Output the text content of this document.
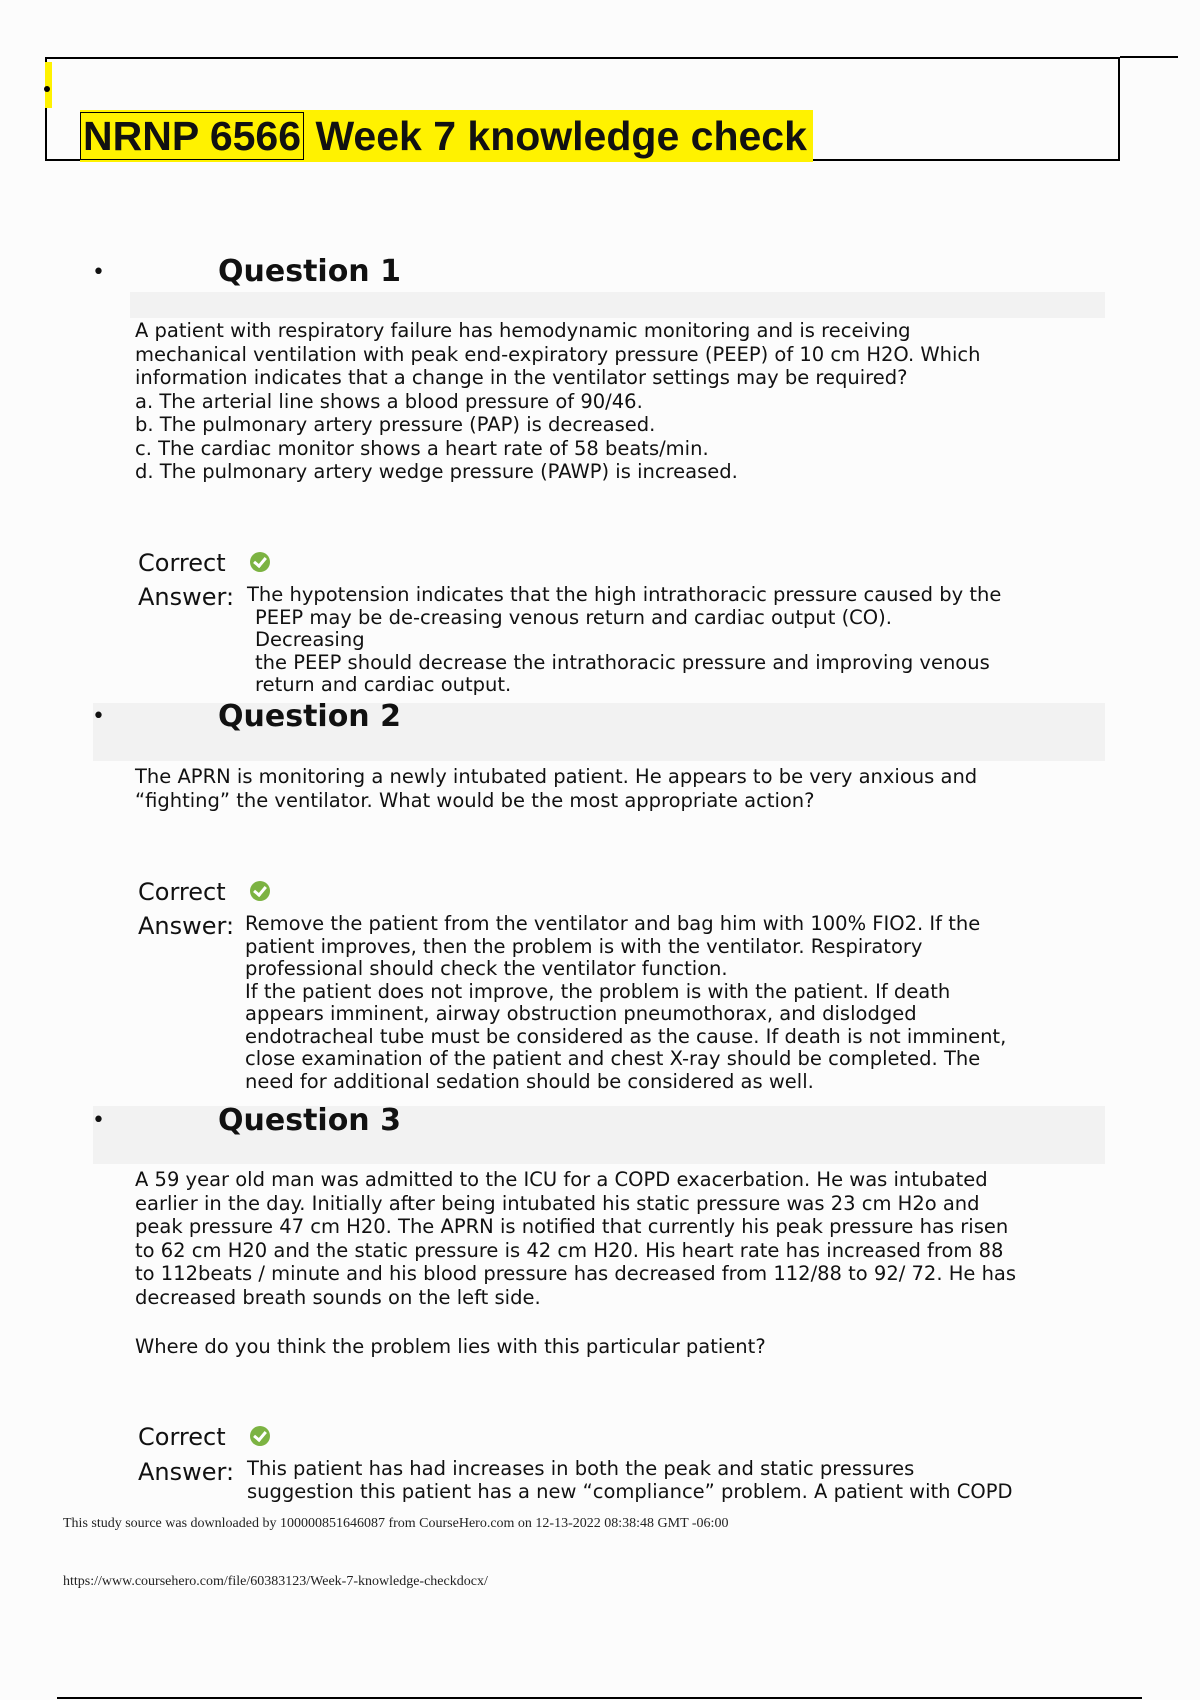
NRNP 6566 Week 7 knowledge check
•	Question 1

A patient with respiratory failure has hemodynamic monitoring and is receiving

mechanical ventilation with peak end-expiratory pressure (PEEP) of 10 cm H2O. Which

information indicates that a change in the ventilator settings may be required?

a. The arterial line shows a blood pressure of 90/46.

b. The pulmonary artery pressure (PAP) is decreased.

c. The cardiac monitor shows a heart rate of 58 beats/min.

d. The pulmonary artery wedge pressure (PAWP) is increased.

Correct
Answer: The hypotension indicates that the high intrathoracic pressure caused by the

PEEP may be de-creasing venous return and cardiac output (CO).

Decreasing

the PEEP should decrease the intrathoracic pressure and improving venous

return and cardiac output.

•	Question 2

The APRN is monitoring a newly intubated patient. He appears to be very anxious and

“fighting” the ventilator. What would be the most appropriate action?

Correct
Answer: Remove the patient from the ventilator and bag him with 100% FIO2. If the

patient improves, then the problem is with the ventilator. Respiratory

professional should check the ventilator function.

If the patient does not improve, the problem is with the patient. If death

appears imminent, airway obstruction pneumothorax, and dislodged

endotracheal tube must be considered as the cause. If death is not imminent,

close examination of the patient and chest X-ray should be completed. The

need for additional sedation should be considered as well.

•	Question 3

A 59 year old man was admitted to the ICU for a COPD exacerbation. He was intubated

earlier in the day. Initially after being intubated his static pressure was 23 cm H2o and

peak pressure 47 cm H20. The APRN is notified that currently his peak pressure has risen

to 62 cm H20 and the static pressure is 42 cm H20. His heart rate has increased from 88

to 112beats / minute and his blood pressure has decreased from 112/88 to 92/ 72. He has

decreased breath sounds on the left side.

Where do you think the problem lies with this particular patient?
Correct
Answer: This patient has had increases in both the peak and static pressures

suggestion this patient has a new “compliance” problem. A patient with COPD

This study source was downloaded by 100000851646087 from CourseHero.com on 12-13-2022 08:38:48 GMT -06:00
https://www.coursehero.com/file/60383123/Week-7-knowledge-checkdocx/
